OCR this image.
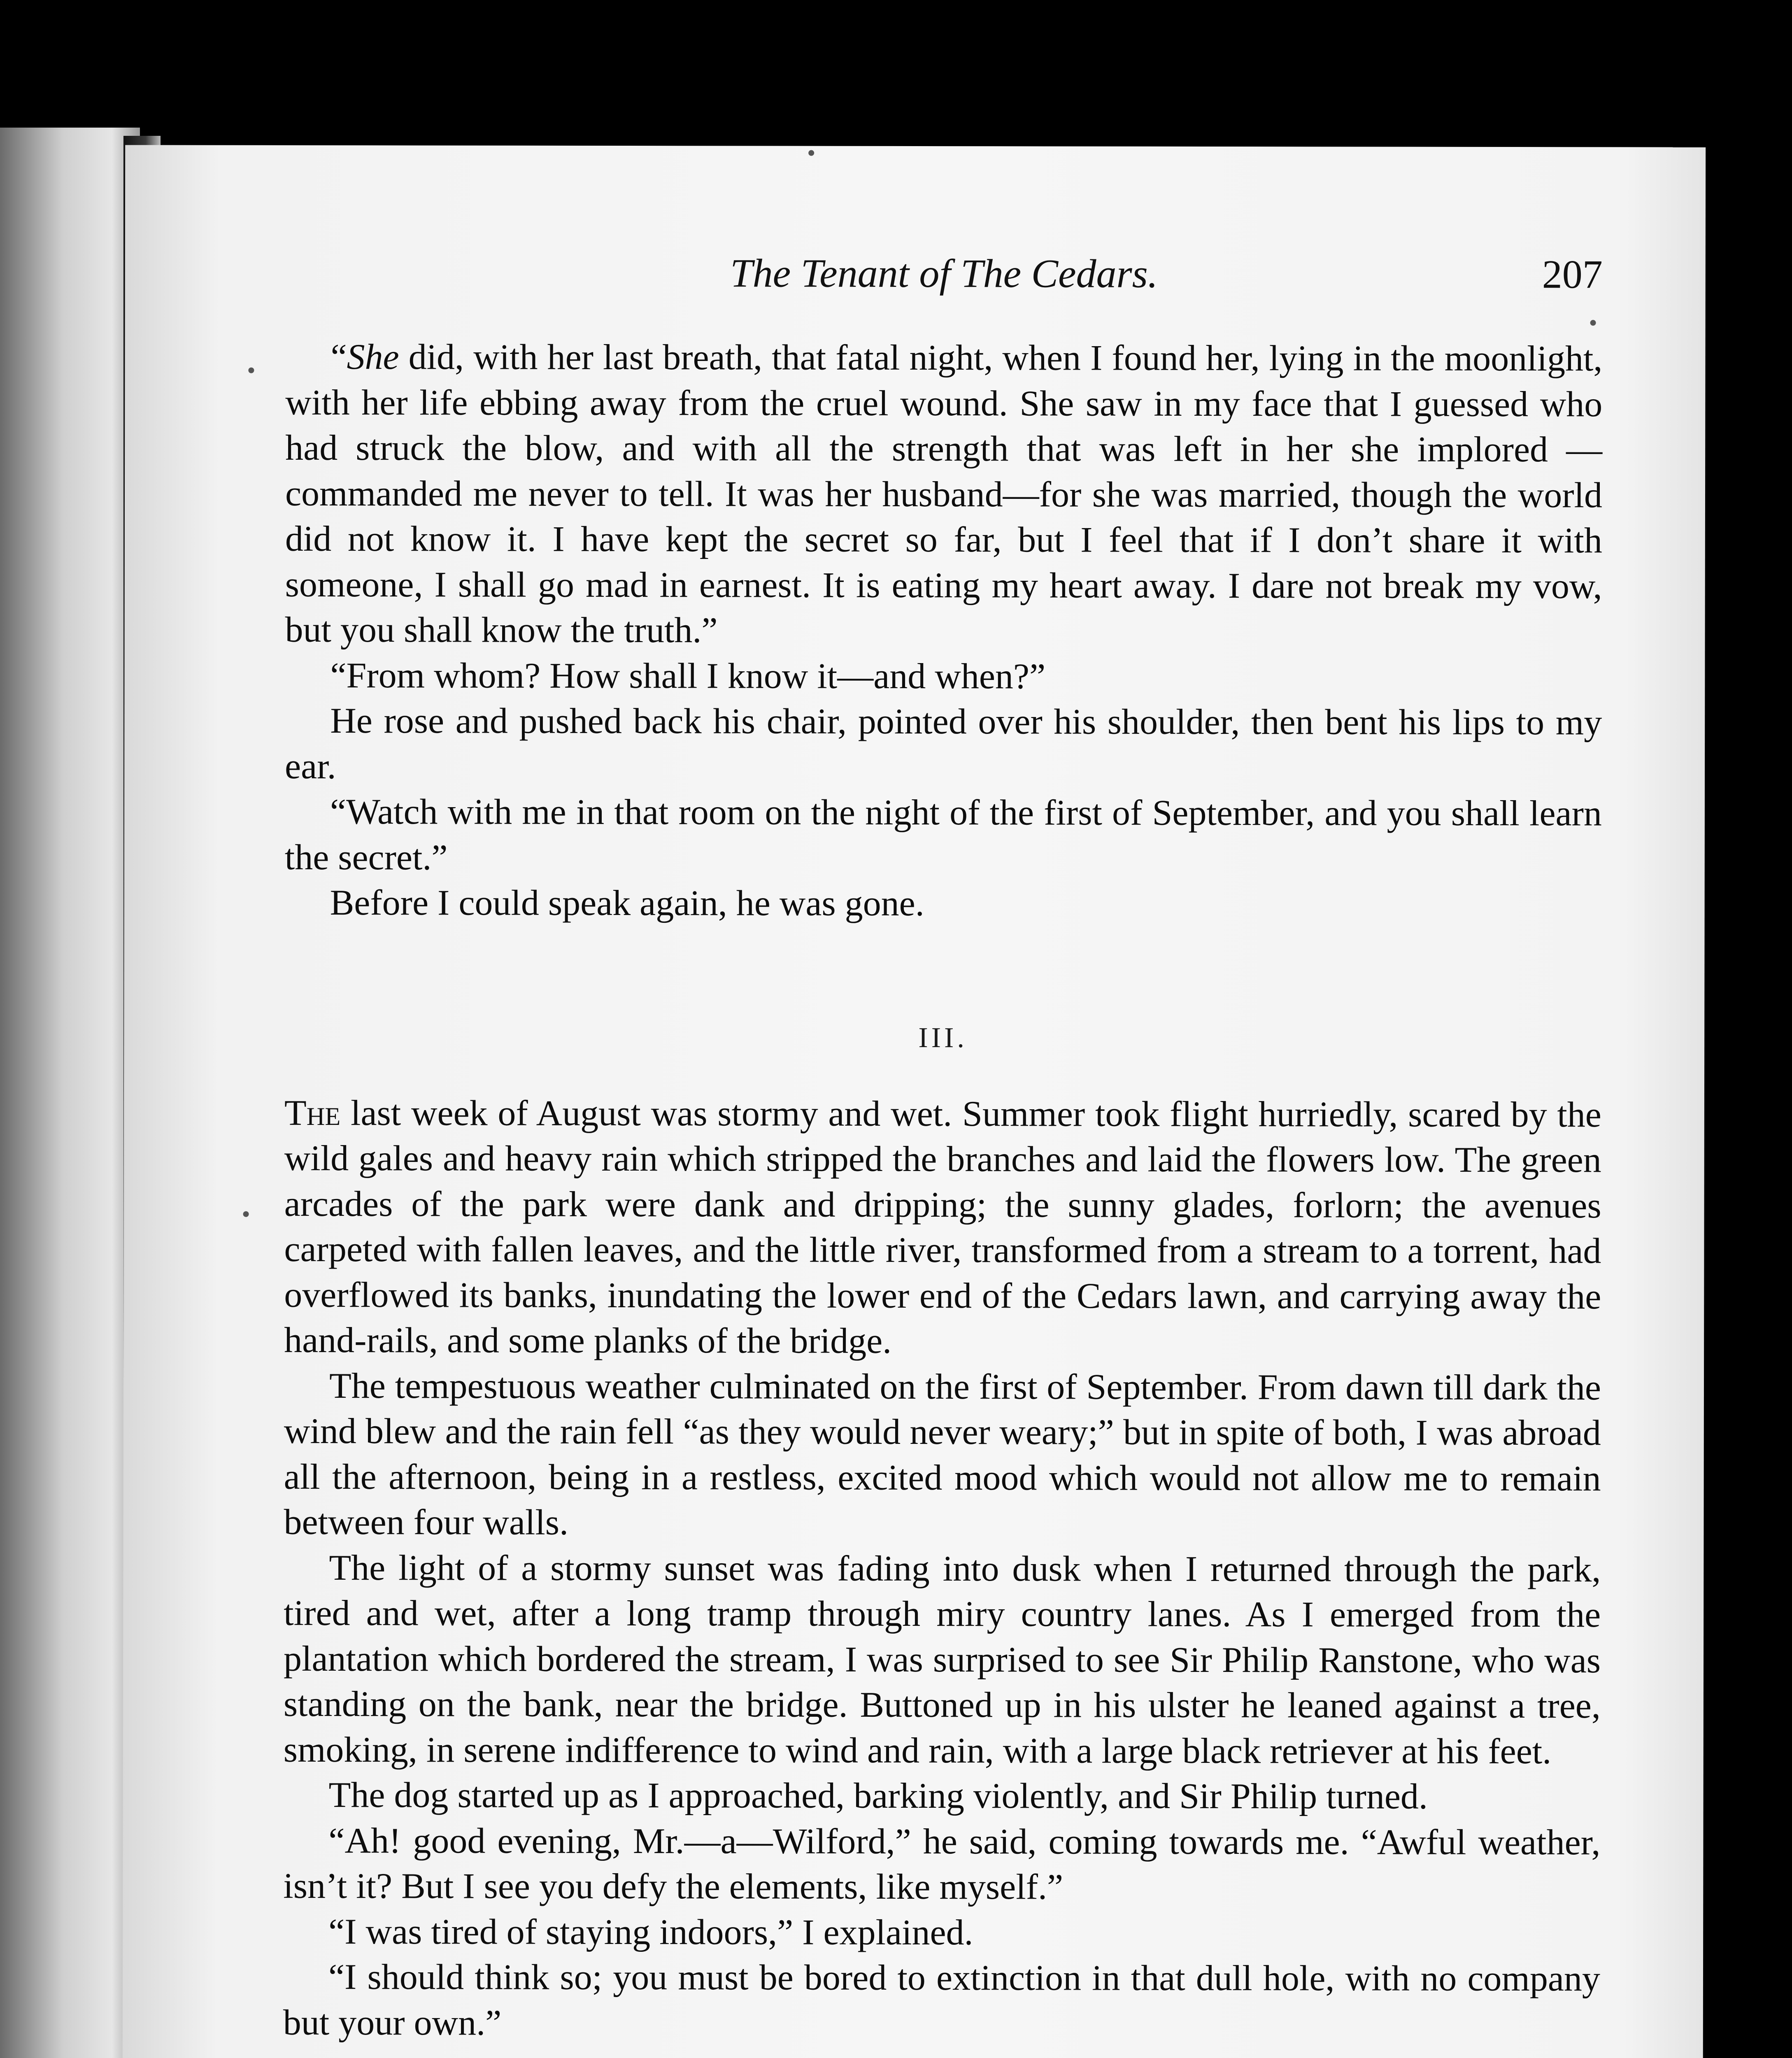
The Tenant of The Cedars.	207

“She did, with her last breath, that fatal night, when I found her, lying in the moonlight, with her life ebbing away from the cruel wound. She saw in my face that I guessed who had struck the blow, and with all the strength that was left in her she implored —commanded me never to tell. It was her husband—for she was married, though the world did not know it. I have kept the secret so far, but I feel that if I don’t share it with someone, I shall go mad in earnest. It is eating my heart away. I dare not break my vow, but you shall know the truth.”

“From whom? How shall I know it—and when?”

He rose and pushed back his chair, pointed over his shoulder, then bent his lips to my ear.

“Watch with me in that room on the night of the first of September, and you shall learn the secret.”

Before I could speak again, he was gone.

III.

The last week of August was stormy and wet. Summer took flight hurriedly, scared by the wild gales and heavy rain which stripped the branches and laid the flowers low. The green arcades of the park were dank and dripping; the sunny glades, forlorn; the avenues carpeted with fallen leaves, and the little river, transformed from a stream to a torrent, had overflowed its banks, inundating the lower end of the Cedars lawn, and carrying away the hand-rails, and some planks of the bridge.

The tempestuous weather culminated on the first of September. From dawn till dark the wind blew and the rain fell “as they would never weary;” but in spite of both, I was abroad all the afternoon, being in a restless, excited mood which would not allow me to remain between four walls.

The light of a stormy sunset was fading into dusk when I returned through the park, tired and wet, after a long tramp through miry country lanes. As I emerged from the plantation which bordered the stream, I was surprised to see Sir Philip Ranstone, who was standing on the bank, near the bridge. Buttoned up in his ulster he leaned against a tree, smoking, in serene indifference to wind and rain, with a large black retriever at his feet.

The dog started up as I approached, barking violently, and Sir Philip turned.

“Ah! good evening, Mr.—a—Wilford,” he said, coming towards me. “Awful weather, isn’t it? But I see you defy the elements, like myself.”

“I was tired of staying indoors,” I explained.

“I should think so; you must be bored to extinction in that dull hole, with no company but your own.”
